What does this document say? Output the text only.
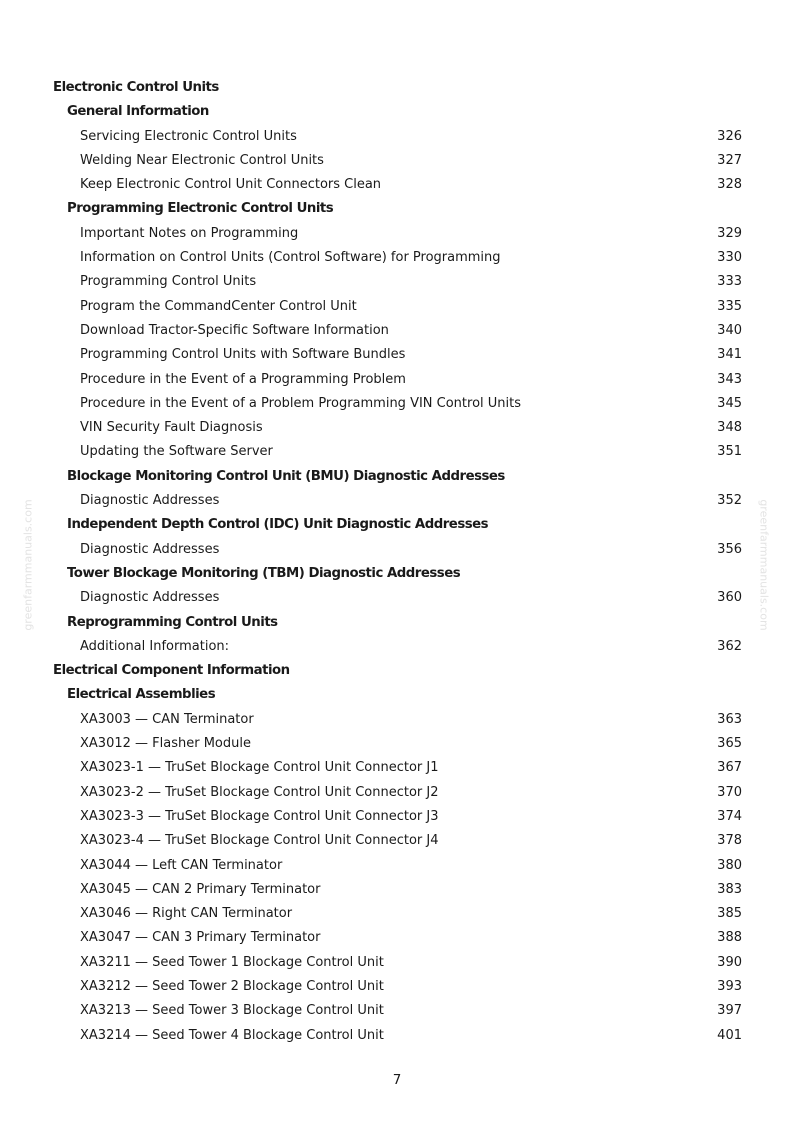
Electronic Control Units
General Information
Servicing Electronic Control Units	326
Welding Near Electronic Control Units	327
Keep Electronic Control Unit Connectors Clean	328
Programming Electronic Control Units
Important Notes on Programming	329
Information on Control Units (Control Software) for Programming	330
Programming Control Units	333
Program the CommandCenter Control Unit	335
Download Tractor-Specific Software Information	340
Programming Control Units with Software Bundles	341
Procedure in the Event of a Programming Problem	343
Procedure in the Event of a Problem Programming VIN Control Units	345
VIN Security Fault Diagnosis	348
Updating the Software Server	351
Blockage Monitoring Control Unit (BMU) Diagnostic Addresses
Diagnostic Addresses	352
Independent Depth Control (IDC) Unit Diagnostic Addresses
Diagnostic Addresses	356
Tower Blockage Monitoring (TBM) Diagnostic Addresses
Diagnostic Addresses	360
Reprogramming Control Units
Additional Information:	362
Electrical Component Information
Electrical Assemblies
XA3003 — CAN Terminator	363
XA3012 — Flasher Module	365
XA3023-1 — TruSet Blockage Control Unit Connector J1	367
XA3023-2 — TruSet Blockage Control Unit Connector J2	370
XA3023-3 — TruSet Blockage Control Unit Connector J3	374
XA3023-4 — TruSet Blockage Control Unit Connector J4	378
XA3044 — Left CAN Terminator	380
XA3045 — CAN 2 Primary Terminator	383
XA3046 — Right CAN Terminator	385
XA3047 — CAN 3 Primary Terminator	388
XA3211 — Seed Tower 1 Blockage Control Unit	390
XA3212 — Seed Tower 2 Blockage Control Unit	393
XA3213 — Seed Tower 3 Blockage Control Unit	397
XA3214 — Seed Tower 4 Blockage Control Unit	401
greenfarmmanuals.com	greenfarmmanuals.com
7
